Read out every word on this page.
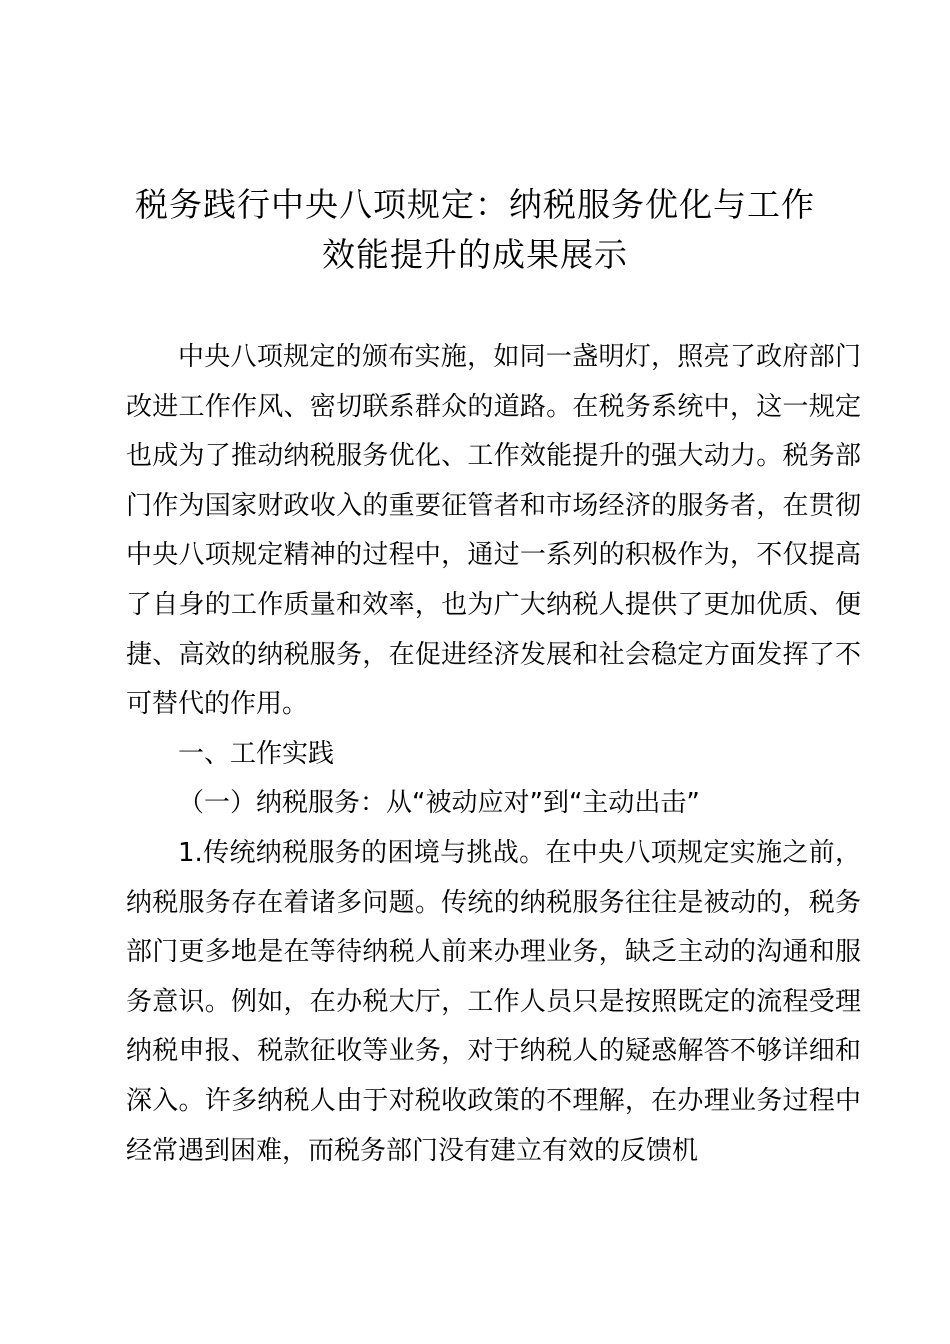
税务践行中央八项规定：纳税服务优化与工作
效能提升的成果展示

中央八项规定的颁布实施，如同一盏明灯，照亮了政府部门改进工作作风、密切联系群众的道路。在税务系统中，这一规定也成为了推动纳税服务优化、工作效能提升的强大动力。税务部门作为国家财政收入的重要征管者和市场经济的服务者，在贯彻中央八项规定精神的过程中，通过一系列的积极作为，不仅提高了自身的工作质量和效率，也为广大纳税人提供了更加优质、便捷、高效的纳税服务，在促进经济发展和社会稳定方面发挥了不可替代的作用。

一、工作实践

（一）纳税服务：从“被动应对”到“主动出击”

1.传统纳税服务的困境与挑战。在中央八项规定实施之前，纳税服务存在着诸多问题。传统的纳税服务往往是被动的，税务部门更多地是在等待纳税人前来办理业务，缺乏主动的沟通和服务意识。例如，在办税大厅，工作人员只是按照既定的流程受理纳税申报、税款征收等业务，对于纳税人的疑惑解答不够详细和深入。许多纳税人由于对税收政策的不理解，在办理业务过程中经常遇到困难，而税务部门没有建立有效的反馈机
